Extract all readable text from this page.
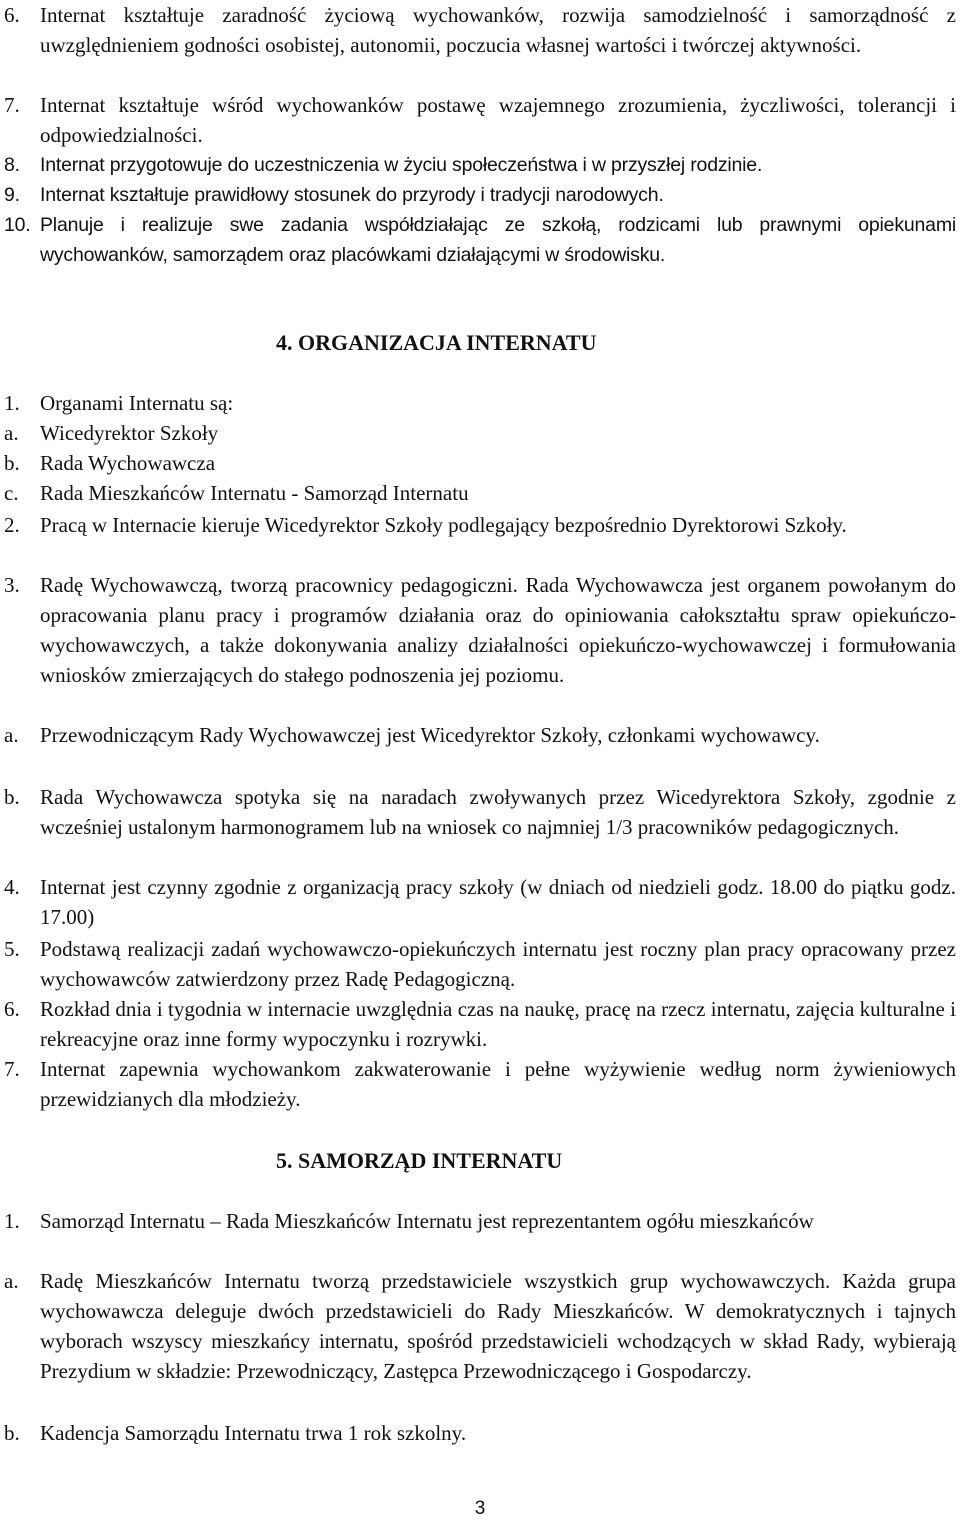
6. Internat kształtuje zaradność życiową wychowanków, rozwija samodzielność i samorządność z uwzględnieniem godności osobistej, autonomii, poczucia własnej wartości i twórczej aktywności.
7. Internat kształtuje wśród wychowanków postawę wzajemnego zrozumienia, życzliwości, tolerancji i odpowiedzialności.
8.	Internat przygotowuje do uczestniczenia w życiu społeczeństwa i w przyszłej rodzinie.
9.	Internat kształtuje prawidłowy stosunek do przyrody i tradycji narodowych.
10. Planuje i realizuje swe zadania współdziałając ze szkołą, rodzicami lub prawnymi opiekunami wychowanków, samorządem oraz placówkami działającymi w środowisku.
4. ORGANIZACJA INTERNATU
1. Organami Internatu są:
a.	Wicedyrektor Szkoły
b. Rada Wychowawcza
c.	Rada Mieszkańców Internatu - Samorząd Internatu
2. Pracą w Internacie kieruje Wicedyrektor Szkoły podlegający bezpośrednio Dyrektorowi Szkoły.
3. Radę Wychowawczą, tworzą pracownicy pedagogiczni. Rada Wychowawcza jest organem powołanym do opracowania planu pracy i programów działania oraz do opiniowania całokształtu spraw opiekuńczo-wychowawczych, a także dokonywania analizy działalności opiekuńczo-wychowawczej i formułowania wniosków zmierzających do stałego podnoszenia jej poziomu.
a.	Przewodniczącym Rady Wychowawczej jest Wicedyrektor Szkoły, członkami wychowawcy.
b. Rada Wychowawcza spotyka się na naradach zwoływanych przez Wicedyrektora Szkoły, zgodnie z wcześniej ustalonym harmonogramem lub na wniosek co najmniej 1/3 pracowników pedagogicznych.
4. Internat jest czynny zgodnie z organizacją pracy szkoły (w dniach od niedzieli godz. 18.00 do piątku godz. 17.00)
5. Podstawą realizacji zadań wychowawczo-opiekuńczych internatu jest roczny plan pracy opracowany przez wychowawców zatwierdzony przez Radę Pedagogiczną.
6. Rozkład dnia i tygodnia w internacie uwzględnia czas na naukę, pracę na rzecz internatu, zajęcia kulturalne i rekreacyjne oraz inne formy wypoczynku i rozrywki.
7. Internat zapewnia wychowankom zakwaterowanie i pełne wyżywienie według norm żywieniowych przewidzianych dla młodzieży.
5. SAMORZĄD INTERNATU
1. Samorząd Internatu – Rada Mieszkańców Internatu jest reprezentantem ogółu mieszkańców
a.	Radę Mieszkańców Internatu tworzą przedstawiciele wszystkich grup wychowawczych. Każda grupa wychowawcza deleguje dwóch przedstawicieli do Rady Mieszkańców. W demokratycznych i tajnych wyborach wszyscy mieszkańcy internatu, spośród przedstawicieli wchodzących w skład Rady, wybierają Prezydium w składzie: Przewodniczący, Zastępca Przewodniczącego i Gospodarczy.
b. Kadencja Samorządu Internatu trwa 1 rok szkolny.
3
